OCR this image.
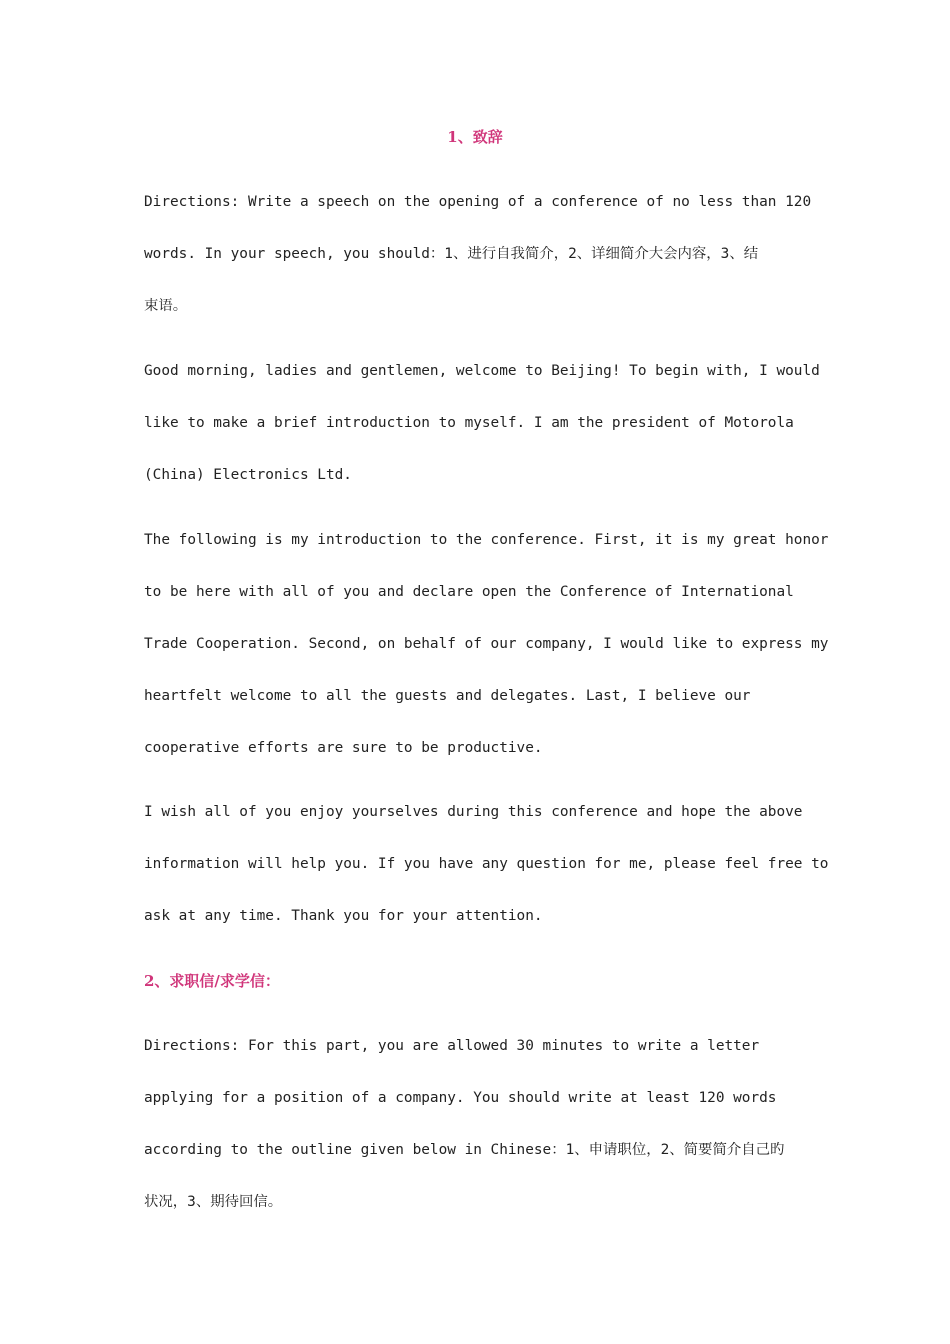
1、致辞
Directions: Write a speech on the opening of a conference of no less than 120
words. In your speech, you should：1、进行自我简介，2、详细简介大会内容，3、结
束语。
Good morning, ladies and gentlemen, welcome to Beijing! To begin with, I would
like to make a brief introduction to myself. I am the president of Motorola
(China) Electronics Ltd.
The following is my introduction to the conference. First, it is my great honor
to be here with all of you and declare open the Conference of International
Trade Cooperation. Second, on behalf of our company, I would like to express my
heartfelt welcome to all the guests and delegates. Last, I believe our
cooperative efforts are sure to be productive.
I wish all of you enjoy yourselves during this conference and hope the above
information will help you. If you have any question for me, please feel free to
ask at any time. Thank you for your attention.
2、求职信/求学信：
Directions: For this part, you are allowed 30 minutes to write a letter
applying for a position of a company. You should write at least 120 words
according to the outline given below in Chinese：1、申请职位，2、简要简介自己旳
状况，3、期待回信。
